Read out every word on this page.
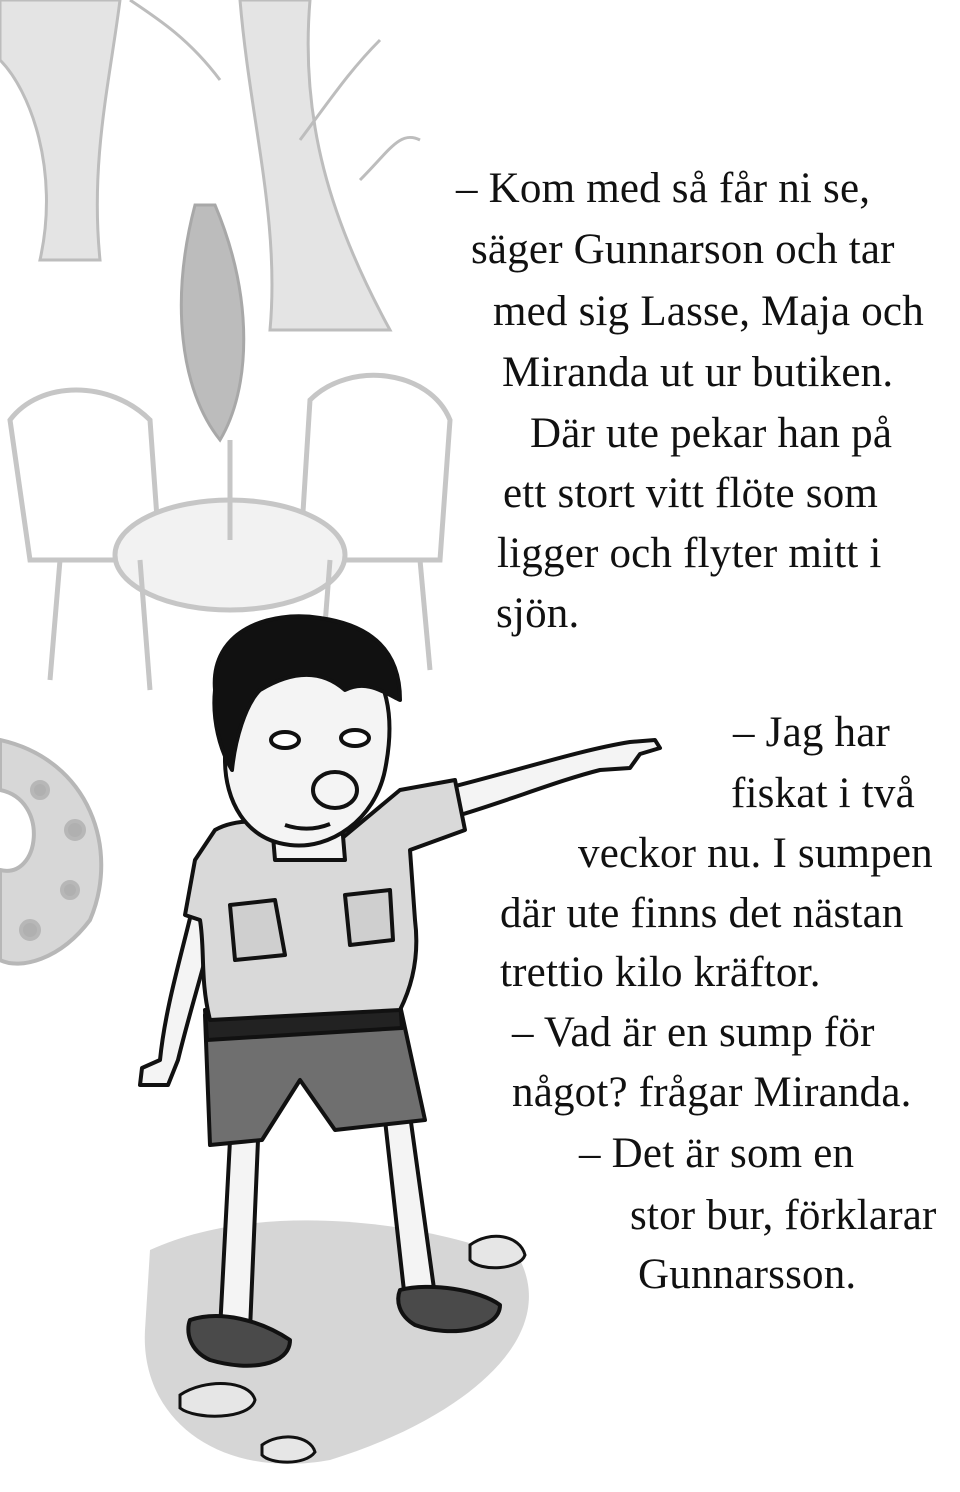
– Kom med så får ni se,

säger Gunnarson och tar

med sig Lasse, Maja och

Miranda ut ur butiken.

Där ute pekar han på

ett stort vitt flöte som

ligger och flyter mitt i

sjön.

– Jag har

fiskat i två

veckor nu. I sumpen

där ute finns det nästan

trettio kilo kräftor.

– Vad är en sump för

något? frågar Miranda.

– Det är som en

stor bur, förklarar

Gunnarsson.
